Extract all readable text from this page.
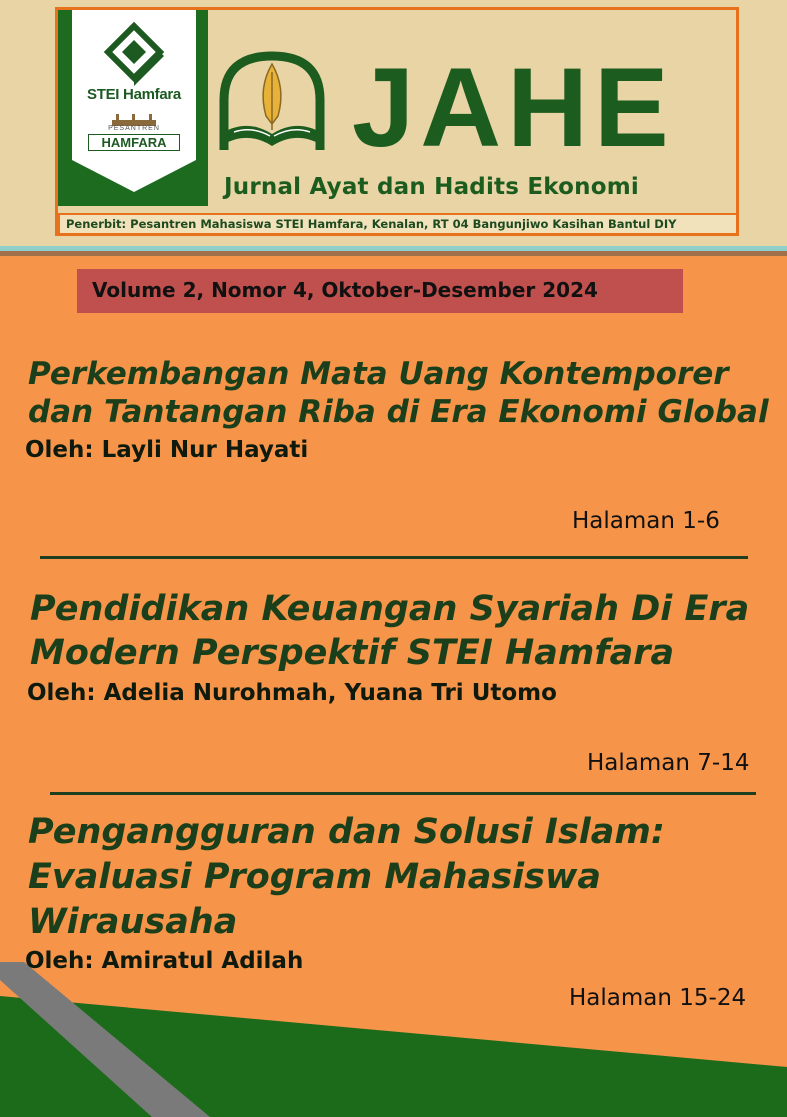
STEI Hamfara
PESANTREN
HAMFARA JAHE
Jurnal Ayat dan Hadits Ekonomi
Penerbit: Pesantren Mahasiswa STEI Hamfara, Kenalan, RT 04 Bangunjiwo Kasihan Bantul DIY
Volume 2, Nomor 4, Oktober-Desember 2024
Perkembangan Mata Uang Kontemporer
dan Tantangan Riba di Era Ekonomi Global
Oleh: Layli Nur Hayati
Halaman 1-6
Pendidikan Keuangan Syariah Di Era
Modern Perspektif STEI Hamfara
Oleh: Adelia Nurohmah, Yuana Tri Utomo
Halaman 7-14
Pengangguran dan Solusi Islam:
Evaluasi Program Mahasiswa
Wirausaha
Oleh: Amiratul Adilah
Halaman 15-24
